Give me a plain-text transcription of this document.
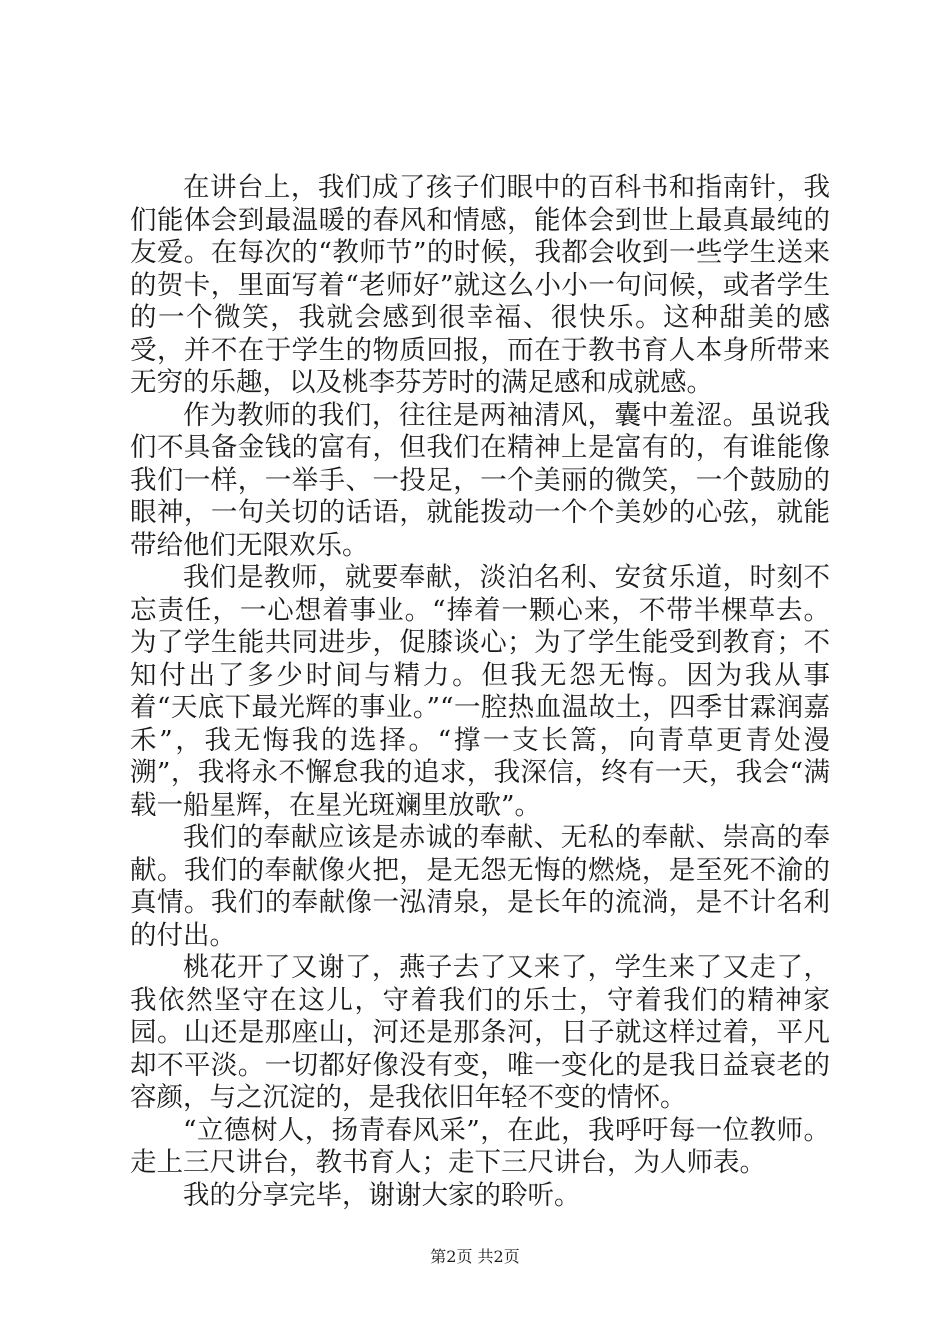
在讲台上，我们成了孩子们眼中的百科书和指南针，我们能体会到最温暖的春风和情感，能体会到世上最真最纯的友爱。在每次的“教师节”的时候，我都会收到一些学生送来的贺卡，里面写着“老师好”就这么小小一句问候，或者学生的一个微笑，我就会感到很幸福、很快乐。这种甜美的感受，并不在于学生的物质回报，而在于教书育人本身所带来无穷的乐趣，以及桃李芬芳时的满足感和成就感。

作为教师的我们，往往是两袖清风，囊中羞涩。虽说我们不具备金钱的富有，但我们在精神上是富有的，有谁能像我们一样，一举手、一投足，一个美丽的微笑，一个鼓励的眼神，一句关切的话语，就能拨动一个个美妙的心弦，就能带给他们无限欢乐。

我们是教师，就要奉献，淡泊名利、安贫乐道，时刻不忘责任，一心想着事业。“捧着一颗心来，不带半棵草去。为了学生能共同进步，促膝谈心；为了学生能受到教育；不知付出了多少时间与精力。但我无怨无悔。因为我从事着“天底下最光辉的事业。”“一腔热血温故土，四季甘霖润嘉禾”，我无悔我的选择。“撑一支长篙，向青草更青处漫溯”，我将永不懈怠我的追求，我深信，终有一天，我会“满载一船星辉，在星光斑斓里放歌”。

我们的奉献应该是赤诚的奉献、无私的奉献、崇高的奉献。我们的奉献像火把，是无怨无悔的燃烧，是至死不渝的真情。我们的奉献像一泓清泉，是长年的流淌，是不计名利的付出。

桃花开了又谢了，燕子去了又来了，学生来了又走了，我依然坚守在这儿，守着我们的乐士，守着我们的精神家园。山还是那座山，河还是那条河，日子就这样过着，平凡却不平淡。一切都好像没有变，唯一变化的是我日益衰老的容颜，与之沉淀的，是我依旧年轻不变的情怀。

“立德树人，扬青春风采”，在此，我呼吁每一位教师。走上三尺讲台，教书育人；走下三尺讲台，为人师表。

我的分享完毕，谢谢大家的聆听。

第2页 共2页
